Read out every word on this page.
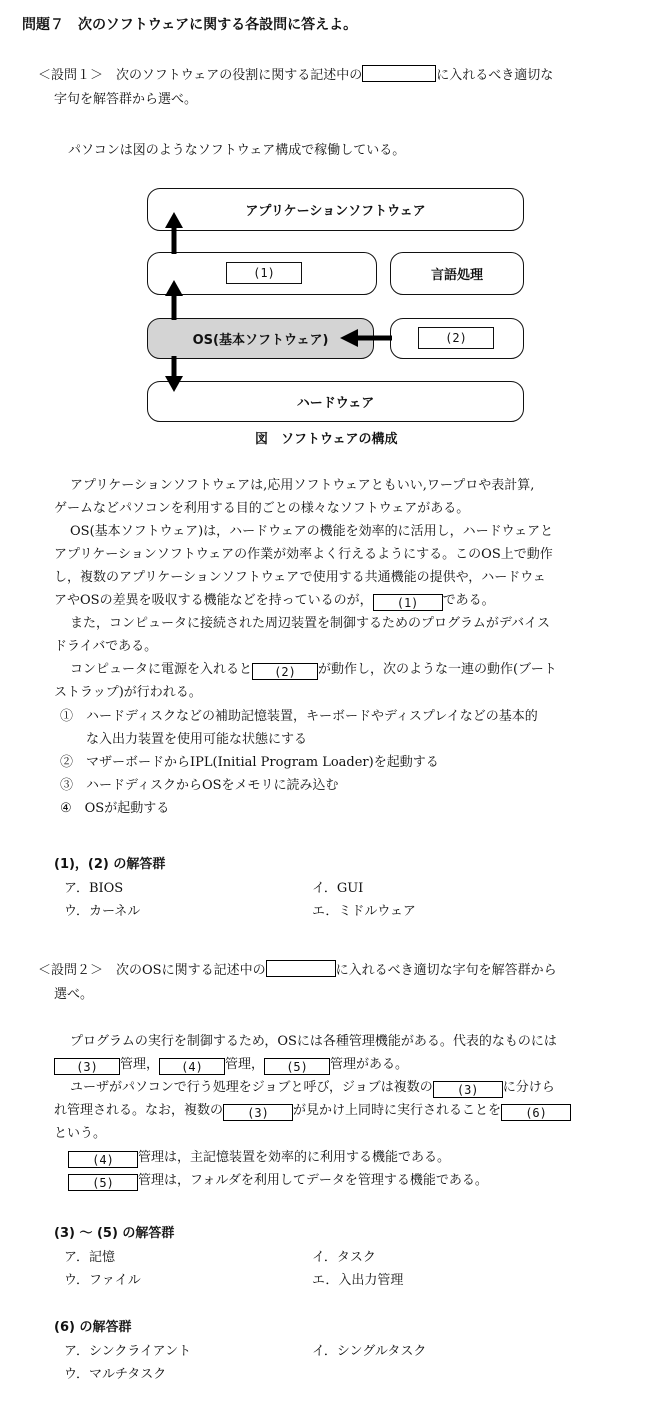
問題７　次のソフトウェアに関する各設問に答えよ。
＜設問１＞　次のソフトウェアの役割に関する記述中の	に入れるべき適切な
字句を解答群から選べ。
パソコンは図のようなソフトウェア構成で稼働している。
アプリケーションソフトウェア
(1)	言語処理
OS(基本ソフトウェア)	(2)
ハードウェア
図　ソフトウェアの構成
アプリケーションソフトウェアは,応用ソフトウェアともいい,ワープロや表計算,
ゲームなどパソコンを利用する目的ごとの様々なソフトウェアがある。
OS(基本ソフトウェア)は，ハードウェアの機能を効率的に活用し，ハードウェアと
アプリケーションソフトウェアの作業が効率よく行えるようにする。このOS上で動作
し，複数のアプリケーションソフトウェアで使用する共通機能の提供や，ハードウェ
アやOSの差異を吸収する機能などを持っているのが， (1) である。
また，コンピュータに接続された周辺装置を制御するためのプログラムがデバイス
ドライバである。
コンピュータに電源を入れると (2) が動作し，次のような一連の動作(ブート
ストラップ)が行われる。
①　ハードディスクなどの補助記憶装置，キーボードやディスプレイなどの基本的
な入出力装置を使用可能な状態にする
②　マザーボードからIPL(Initial Program Loader)を起動する
③　ハードディスクからOSをメモリに読み込む
④　OSが起動する
(1)，(2) の解答群
ア．BIOS	イ．GUI
ウ．カーネル	エ．ミドルウェア
＜設問２＞　次のOSに関する記述中の	に入れるべき適切な字句を解答群から
選べ。
プログラムの実行を制御するため，OSには各種管理機能がある。代表的なものには
(3) 管理， (4) 管理， (5) 管理がある。
ユーザがパソコンで行う処理をジョブと呼び，ジョブは複数の (3) に分けら
れ管理される。なお，複数の (3) が見かけ上同時に実行されることを (6)
という。
(4) 管理は，主記憶装置を効率的に利用する機能である。
(5) 管理は，フォルダを利用してデータを管理する機能である。
(3) ～ (5) の解答群
ア．記憶	イ．タスク
ウ．ファイル	エ．入出力管理
(6) の解答群
ア．シンクライアント	イ．シングルタスク
ウ．マルチタスク
